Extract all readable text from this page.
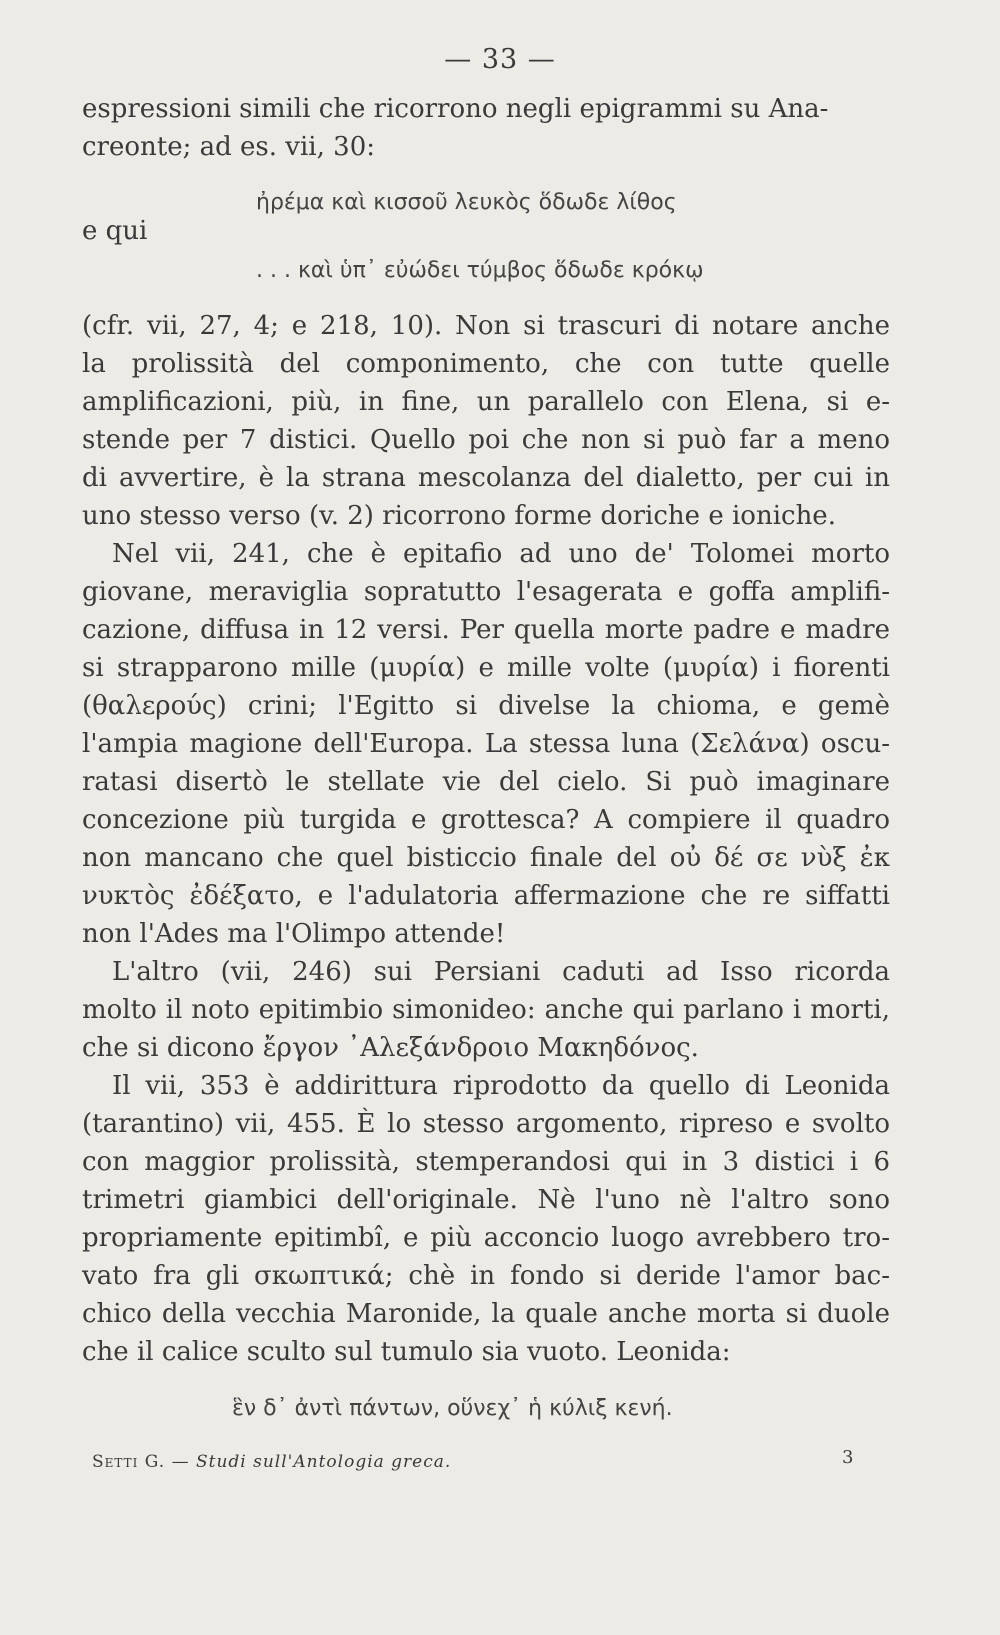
— 33 —
espressioni simili che ricorrono negli epigrammi su Ana-
creonte; ad es. vii, 30:
ἠρέμα καὶ κισσοῦ λευκὸς ὅδωδε λίθος
e qui
. . . καὶ ὑπ᾽ εὐώδει τύμβος ὅδωδε κρόκῳ
(cfr. vii, 27, 4; e 218, 10). Non si trascuri di notare anche
la prolissità del componimento, che con tutte quelle
amplificazioni, più, in fine, un parallelo con Elena, si e-
stende per 7 distici. Quello poi che non si può far a meno
di avvertire, è la strana mescolanza del dialetto, per cui in
uno stesso verso (v. 2) ricorrono forme doriche e ioniche.
Nel vii, 241, che è epitafio ad uno de' Tolomei morto
giovane, meraviglia sopratutto l'esagerata e goffa amplifi-
cazione, diffusa in 12 versi. Per quella morte padre e madre
si strapparono mille (μυρία) e mille volte (μυρία) i fiorenti
(θαλερούς) crini; l'Egitto si divelse la chioma, e gemè
l'ampia magione dell'Europa. La stessa luna (Σελάνα) oscu-
ratasi disertò le stellate vie del cielo. Si può imaginare
concezione più turgida e grottesca? A compiere il quadro
non mancano che quel bisticcio finale del οὐ δέ σε νὺξ ἐκ
νυκτὸς ἐδέξατο, e l'adulatoria affermazione che re siffatti
non l'Ades ma l'Olimpo attende!
L'altro (vii, 246) sui Persiani caduti ad Isso ricorda
molto il noto epitimbio simonideo: anche qui parlano i morti,
che si dicono ἔργον ᾿Αλεξάνδροιο Μακηδόνος.
Il vii, 353 è addirittura riprodotto da quello di Leonida
(tarantino) vii, 455. È lo stesso argomento, ripreso e svolto
con maggior prolissità, stemperandosi qui in 3 distici i 6
trimetri giambici dell'originale. Nè l'uno nè l'altro sono
propriamente epitimbî, e più acconcio luogo avrebbero tro-
vato fra gli σκωπτικά; chè in fondo si deride l'amor bac-
chico della vecchia Maronide, la quale anche morta si duole
che il calice sculto sul tumulo sia vuoto. Leonida:
ἓν δ᾽ ἀντὶ πάντων, οὕνεχ᾽ ἡ κύλιξ κενή.
Setti G. — Studi sull'Antologia greca.	3
